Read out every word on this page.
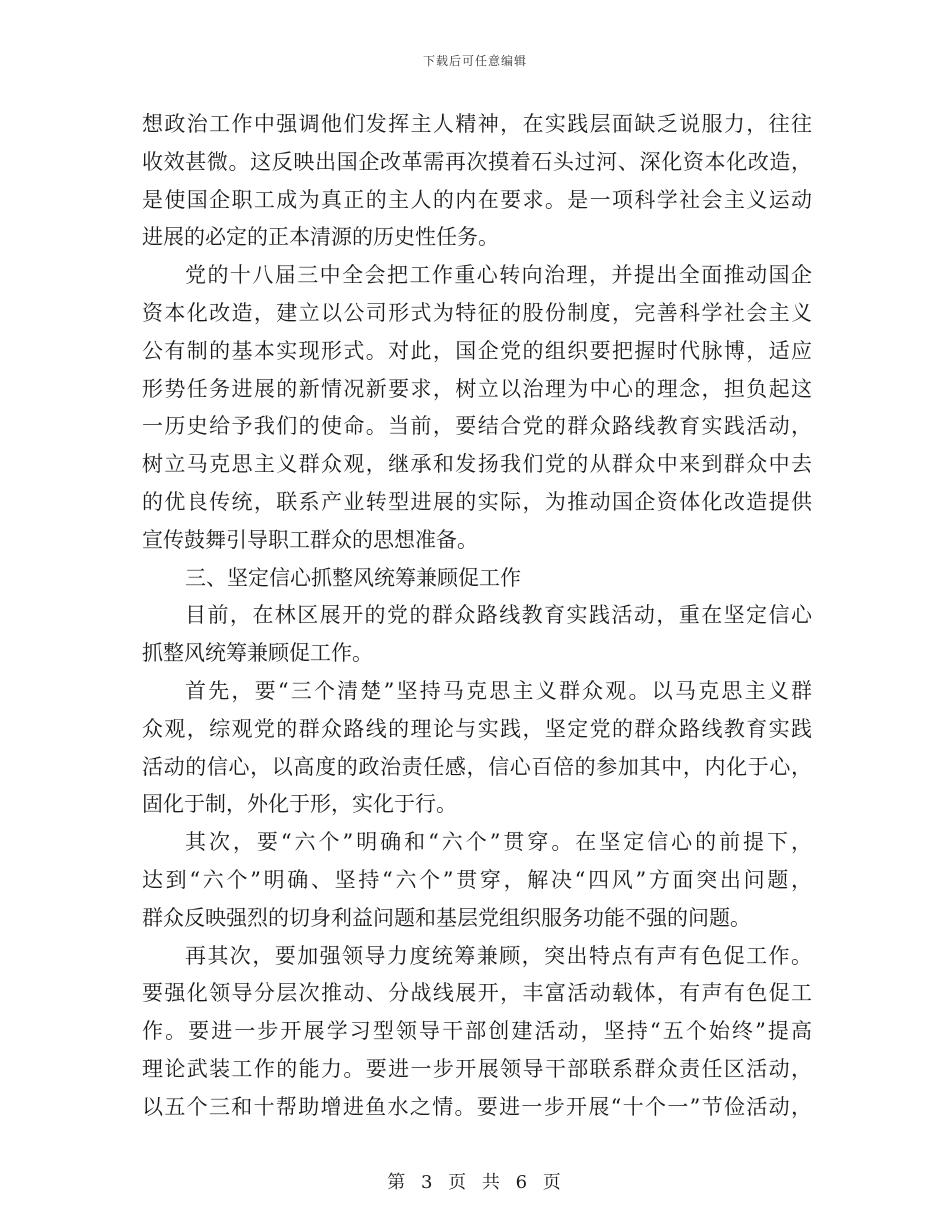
下载后可任意编辑
想政治工作中强调他们发挥主人精神，在实践层面缺乏说服力，往往
收效甚微。这反映出国企改革需再次摸着石头过河、深化资本化改造，
是使国企职工成为真正的主人的内在要求。是一项科学社会主义运动
进展的必定的正本清源的历史性任务。
党的十八届三中全会把工作重心转向治理，并提出全面推动国企
资本化改造，建立以公司形式为特征的股份制度，完善科学社会主义
公有制的基本实现形式。对此，国企党的组织要把握时代脉博，适应
形势任务进展的新情况新要求，树立以治理为中心的理念，担负起这
一历史给予我们的使命。当前，要结合党的群众路线教育实践活动，
树立马克思主义群众观，继承和发扬我们党的从群众中来到群众中去
的优良传统，联系产业转型进展的实际，为推动国企资体化改造提供
宣传鼓舞引导职工群众的思想准备。
三、坚定信心抓整风统筹兼顾促工作
目前，在林区展开的党的群众路线教育实践活动，重在坚定信心
抓整风统筹兼顾促工作。
首先，要“三个清楚”坚持马克思主义群众观。以马克思主义群
众观，综观党的群众路线的理论与实践，坚定党的群众路线教育实践
活动的信心，以高度的政治责任感，信心百倍的参加其中，内化于心，
固化于制，外化于形，实化于行。
其次，要“六个”明确和“六个”贯穿。在坚定信心的前提下，
达到“六个”明确、坚持“六个”贯穿，解决“四风”方面突出问题，
群众反映强烈的切身利益问题和基层党组织服务功能不强的问题。
再其次，要加强领导力度统筹兼顾，突出特点有声有色促工作。
要强化领导分层次推动、分战线展开，丰富活动载体，有声有色促工
作。要进一步开展学习型领导干部创建活动，坚持“五个始终”提高
理论武装工作的能力。要进一步开展领导干部联系群众责任区活动，
以五个三和十帮助增进鱼水之情。要进一步开展“十个一”节俭活动，
第 3 页 共 6 页
